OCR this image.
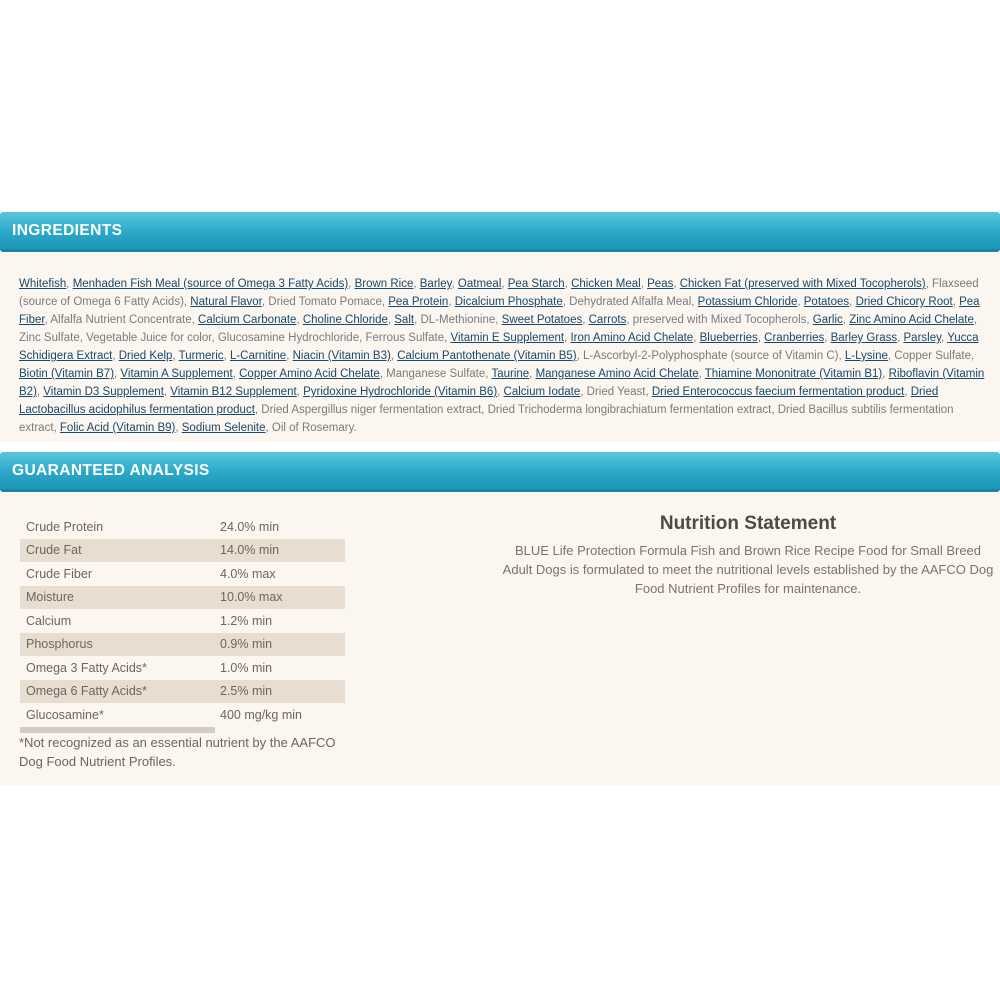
INGREDIENTS

Whitefish, Menhaden Fish Meal (source of Omega 3 Fatty Acids), Brown Rice, Barley, Oatmeal, Pea Starch, Chicken Meal, Peas, Chicken Fat (preserved with Mixed Tocopherols), Flaxseed (source of Omega 6 Fatty Acids), Natural Flavor, Dried Tomato Pomace, Pea Protein, Dicalcium Phosphate, Dehydrated Alfalfa Meal, Potassium Chloride, Potatoes, Dried Chicory Root, Pea Fiber, Alfalfa Nutrient Concentrate, Calcium Carbonate, Choline Chloride, Salt, DL-Methionine, Sweet Potatoes, Carrots, preserved with Mixed Tocopherols, Garlic, Zinc Amino Acid Chelate, Zinc Sulfate, Vegetable Juice for color, Glucosamine Hydrochloride, Ferrous Sulfate, Vitamin E Supplement, Iron Amino Acid Chelate, Blueberries, Cranberries, Barley Grass, Parsley, Yucca Schidigera Extract, Dried Kelp, Turmeric, L-Carnitine, Niacin (Vitamin B3), Calcium Pantothenate (Vitamin B5), L-Ascorbyl-2-Polyphosphate (source of Vitamin C), L-Lysine, Copper Sulfate, Biotin (Vitamin B7), Vitamin A Supplement, Copper Amino Acid Chelate, Manganese Sulfate, Taurine, Manganese Amino Acid Chelate, Thiamine Mononitrate (Vitamin B1), Riboflavin (Vitamin B2), Vitamin D3 Supplement, Vitamin B12 Supplement, Pyridoxine Hydrochloride (Vitamin B6), Calcium Iodate, Dried Yeast, Dried Enterococcus faecium fermentation product, Dried Lactobacillus acidophilus fermentation product, Dried Aspergillus niger fermentation extract, Dried Trichoderma longibrachiatum fermentation extract, Dried Bacillus subtilis fermentation extract, Folic Acid (Vitamin B9), Sodium Selenite, Oil of Rosemary.

GUARANTEED ANALYSIS
Crude Protein	24.0% min
Crude Fat	14.0% min
Crude Fiber	4.0% max
Moisture	10.0% max
Calcium	1.2% min
Phosphorus	0.9% min
Omega 3 Fatty Acids*	1.0% min
Omega 6 Fatty Acids*	2.5% min
Glucosamine*	400 mg/kg min

*Not recognized as an essential nutrient by the AAFCO Dog Food Nutrient Profiles.

Nutrition Statement

BLUE Life Protection Formula Fish and Brown Rice Recipe Food for Small Breed Adult Dogs is formulated to meet the nutritional levels established by the AAFCO Dog Food Nutrient Profiles for maintenance.
